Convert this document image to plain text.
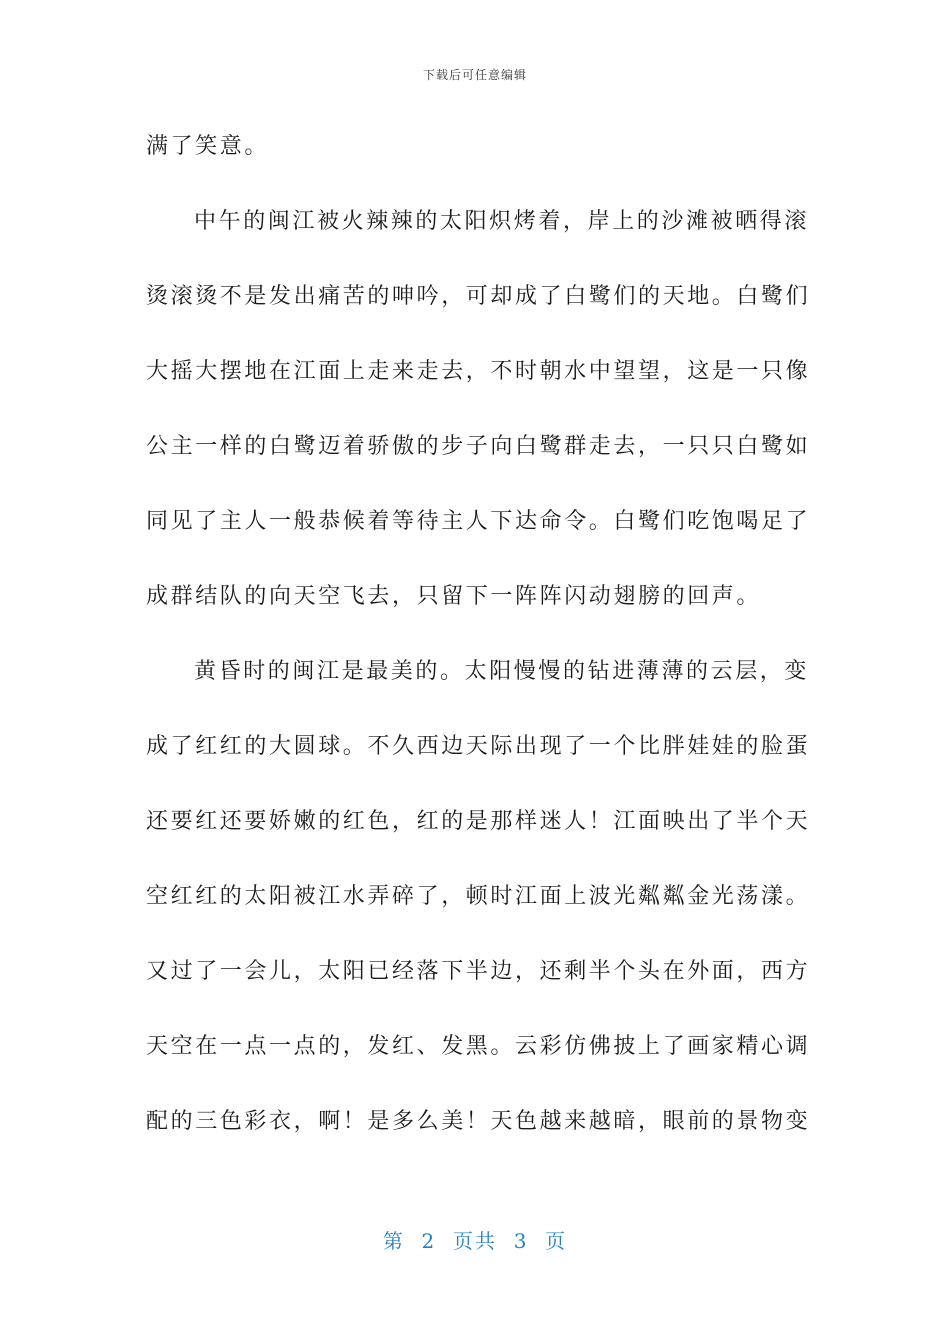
下载后可任意编辑
满了笑意。
中午的闽江被火辣辣的太阳炽烤着，岸上的沙滩被晒得滚
烫滚烫不是发出痛苦的呻吟，可却成了白鹭们的天地。白鹭们
大摇大摆地在江面上走来走去，不时朝水中望望，这是一只像
公主一样的白鹭迈着骄傲的步子向白鹭群走去，一只只白鹭如
同见了主人一般恭候着等待主人下达命令。白鹭们吃饱喝足了
成群结队的向天空飞去，只留下一阵阵闪动翅膀的回声。
黄昏时的闽江是最美的。太阳慢慢的钻进薄薄的云层，变
成了红红的大圆球。不久西边天际出现了一个比胖娃娃的脸蛋
还要红还要娇嫩的红色，红的是那样迷人！江面映出了半个天
空红红的太阳被江水弄碎了，顿时江面上波光粼粼金光荡漾。
又过了一会儿，太阳已经落下半边，还剩半个头在外面，西方
天空在一点一点的，发红、发黑。云彩仿佛披上了画家精心调
配的三色彩衣，啊！是多么美！天色越来越暗，眼前的景物变
第  2  页共  3  页
